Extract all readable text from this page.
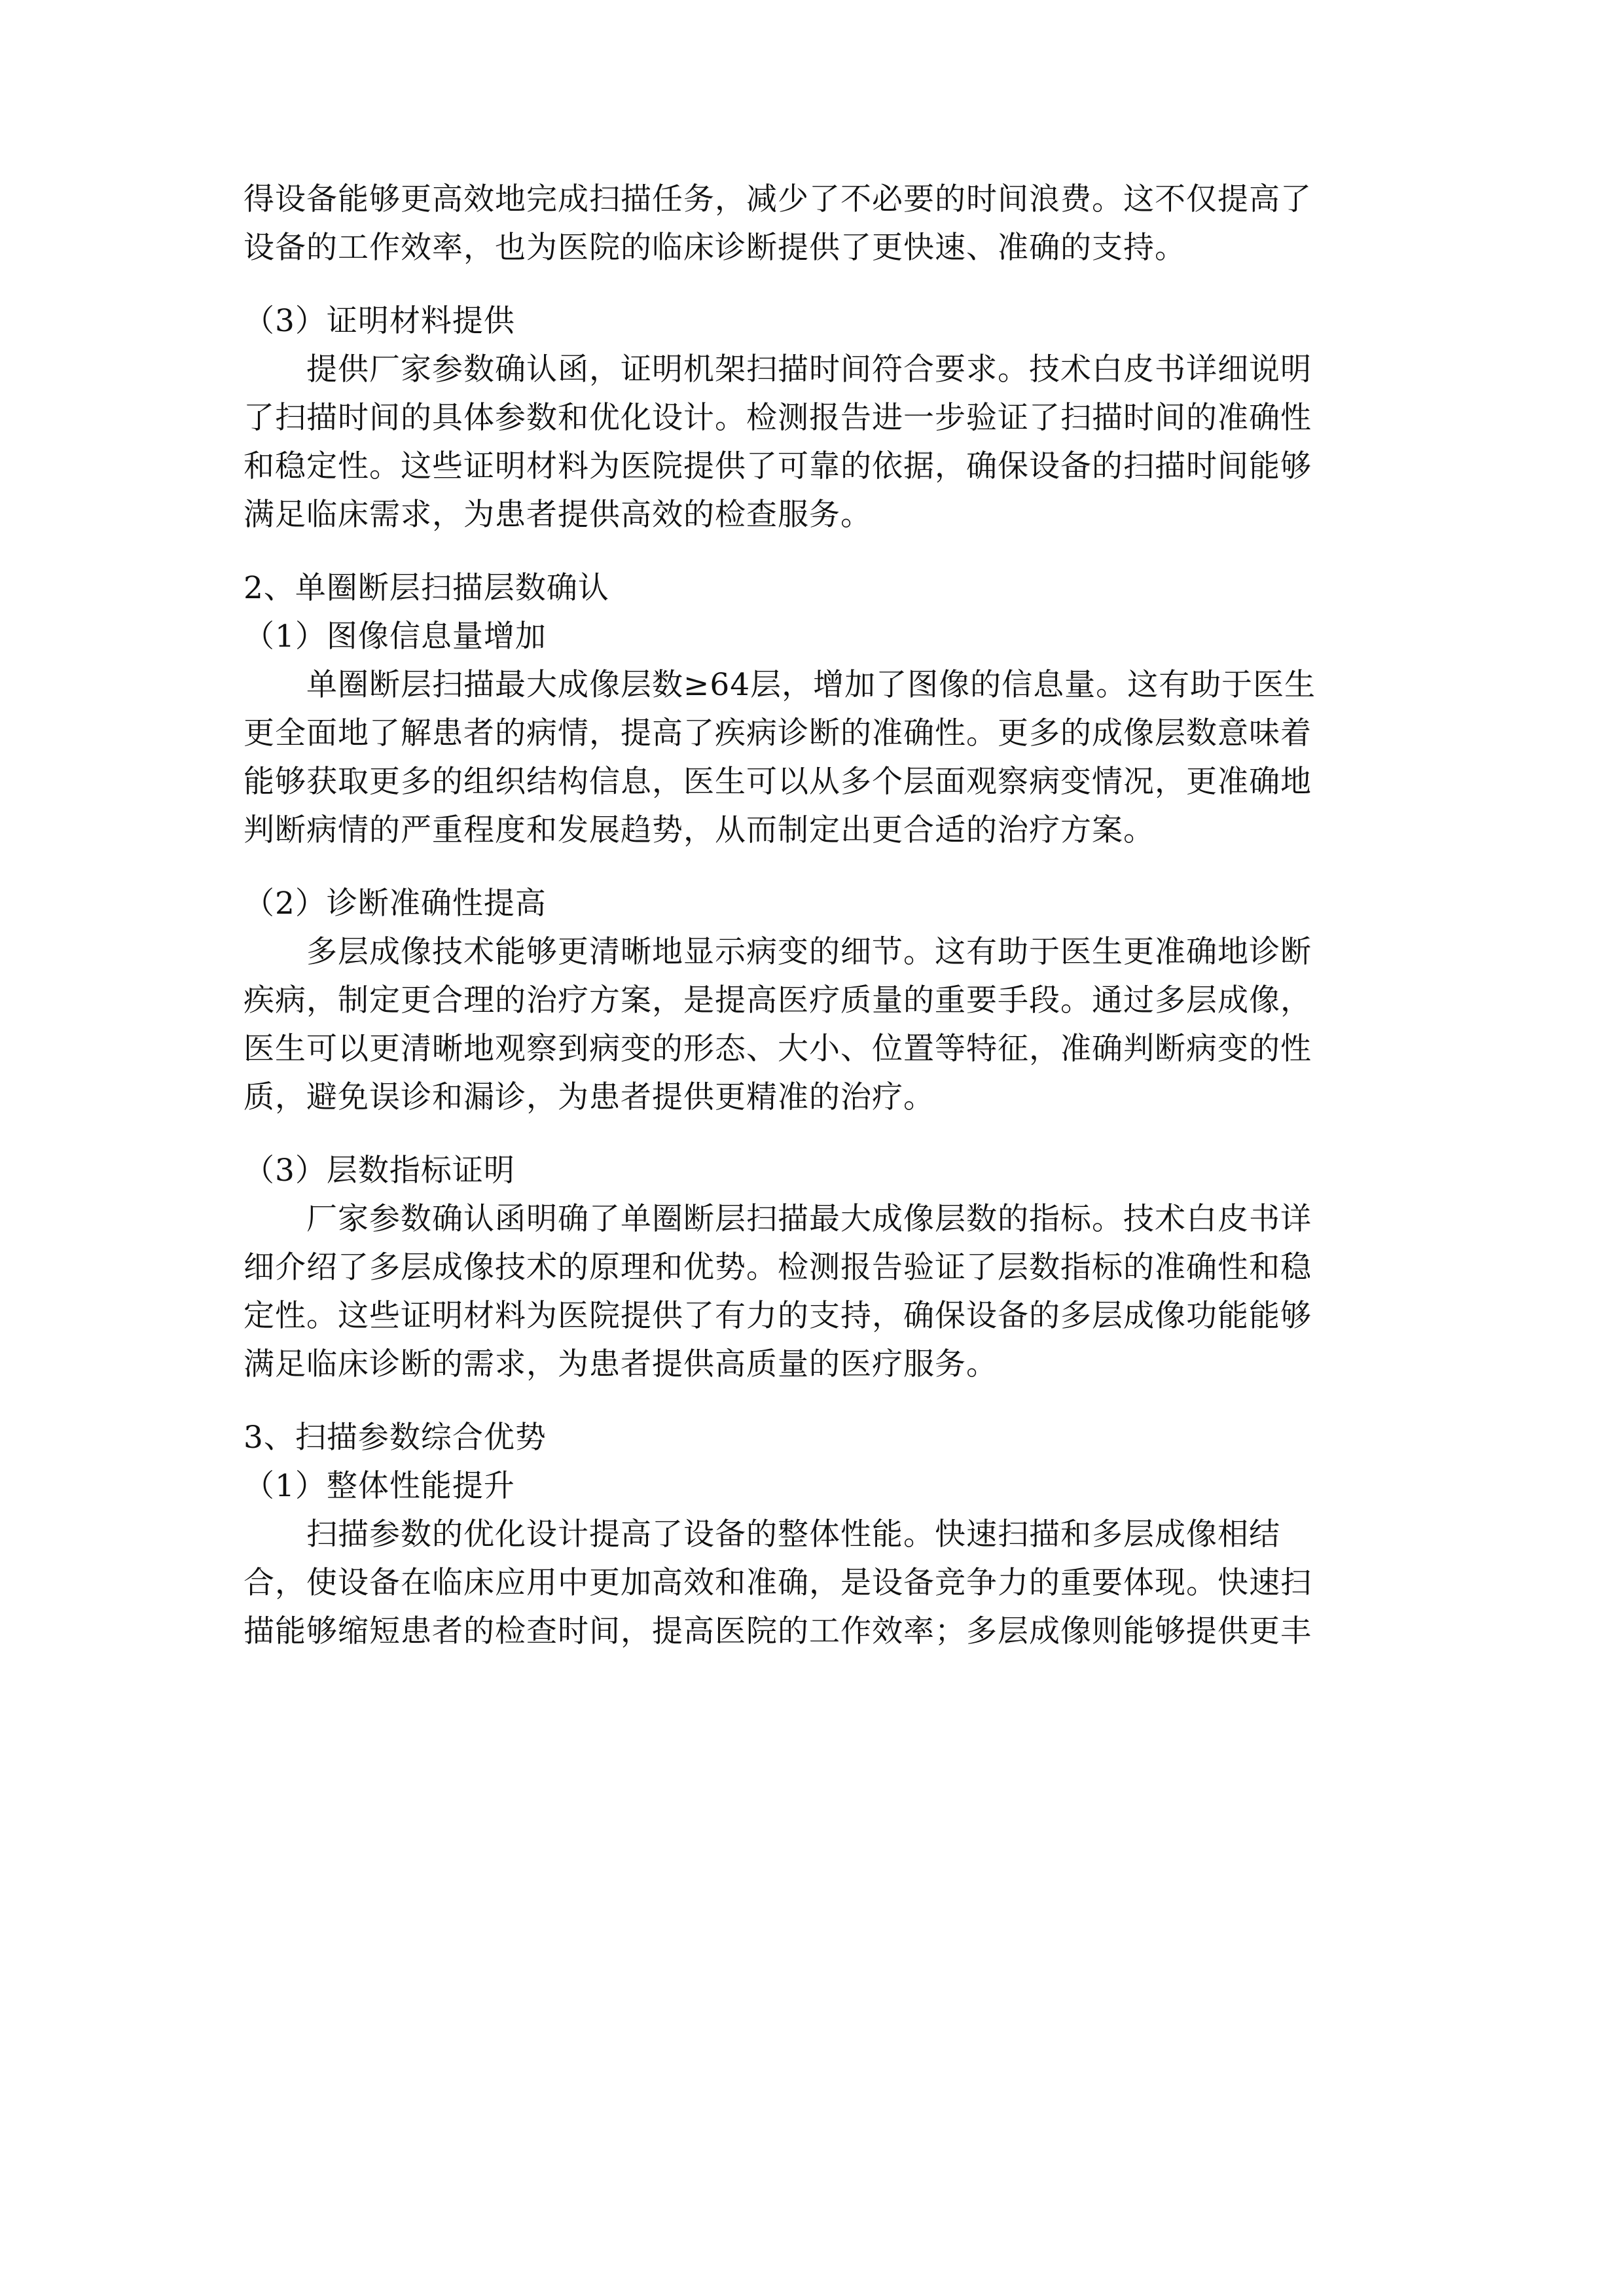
得设备能够更高效地完成扫描任务，减少了不必要的时间浪费。这不仅提高了
设备的工作效率，也为医院的临床诊断提供了更快速、准确的支持。
（3）证明材料提供
提供厂家参数确认函，证明机架扫描时间符合要求。技术白皮书详细说明
了扫描时间的具体参数和优化设计。检测报告进一步验证了扫描时间的准确性
和稳定性。这些证明材料为医院提供了可靠的依据，确保设备的扫描时间能够
满足临床需求，为患者提供高效的检查服务。
2、单圈断层扫描层数确认
（1）图像信息量增加
单圈断层扫描最大成像层数≥64层，增加了图像的信息量。这有助于医生
更全面地了解患者的病情，提高了疾病诊断的准确性。更多的成像层数意味着
能够获取更多的组织结构信息，医生可以从多个层面观察病变情况，更准确地
判断病情的严重程度和发展趋势，从而制定出更合适的治疗方案。
（2）诊断准确性提高
多层成像技术能够更清晰地显示病变的细节。这有助于医生更准确地诊断
疾病，制定更合理的治疗方案，是提高医疗质量的重要手段。通过多层成像，
医生可以更清晰地观察到病变的形态、大小、位置等特征，准确判断病变的性
质，避免误诊和漏诊，为患者提供更精准的治疗。
（3）层数指标证明
厂家参数确认函明确了单圈断层扫描最大成像层数的指标。技术白皮书详
细介绍了多层成像技术的原理和优势。检测报告验证了层数指标的准确性和稳
定性。这些证明材料为医院提供了有力的支持，确保设备的多层成像功能能够
满足临床诊断的需求，为患者提供高质量的医疗服务。
3、扫描参数综合优势
（1）整体性能提升
扫描参数的优化设计提高了设备的整体性能。快速扫描和多层成像相结
合，使设备在临床应用中更加高效和准确，是设备竞争力的重要体现。快速扫
描能够缩短患者的检查时间，提高医院的工作效率；多层成像则能够提供更丰
